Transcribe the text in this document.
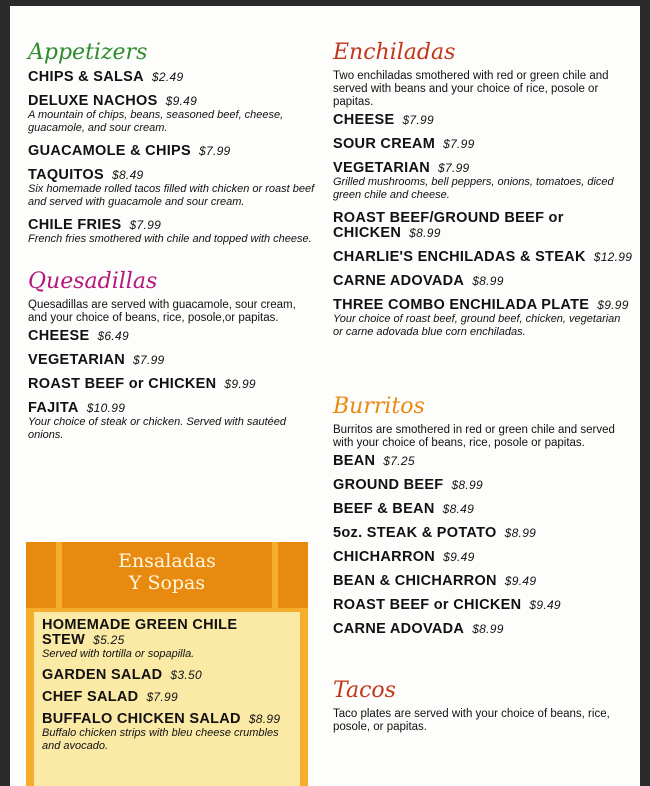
Appetizers
CHIPS & SALSA $2.49
DELUXE NACHOS $9.49
A mountain of chips, beans, seasoned beef, cheese, guacamole, and sour cream.
GUACAMOLE & CHIPS $7.99
TAQUITOS $8.49
Six homemade rolled tacos filled with chicken or roast beef and served with guacamole and sour cream.
CHILE FRIES $7.99
French fries smothered with chile and topped with cheese.
Quesadillas
Quesadillas are served with guacamole, sour cream, and your choice of beans, rice, posole,or papitas.
CHEESE $6.49
VEGETARIAN $7.99
ROAST BEEF or CHICKEN $9.99
FAJITA $10.99
Your choice of steak or chicken. Served with sautéed onions.
Ensaladas
Y Sopas
HOMEMADE GREEN CHILE STEW $5.25
Served with tortilla or sopapilla.
GARDEN SALAD $3.50
CHEF SALAD $7.99
BUFFALO CHICKEN SALAD $8.99
Buffalo chicken strips with bleu cheese crumbles and avocado.
Enchiladas
Two enchiladas smothered with red or green chile and served with beans and your choice of rice, posole or papitas.
CHEESE $7.99
SOUR CREAM $7.99
VEGETARIAN $7.99
Grilled mushrooms, bell peppers, onions, tomatoes, diced green chile and cheese.
ROAST BEEF/GROUND BEEF or CHICKEN $8.99
CHARLIE'S ENCHILADAS & STEAK $12.99
CARNE ADOVADA $8.99
THREE COMBO ENCHILADA PLATE $9.99
Your choice of roast beef, ground beef, chicken, vegetarian or carne adovada blue corn enchiladas.
Burritos
Burritos are smothered in red or green chile and served with your choice of beans, rice, posole or papitas.
BEAN $7.25
GROUND BEEF $8.99
BEEF & BEAN $8.49
5oz. STEAK & POTATO $8.99
CHICHARRON $9.49
BEAN & CHICHARRON $9.49
ROAST BEEF or CHICKEN $9.49
CARNE ADOVADA $8.99
Tacos
Taco plates are served with your choice of beans, rice, posole, or papitas.
